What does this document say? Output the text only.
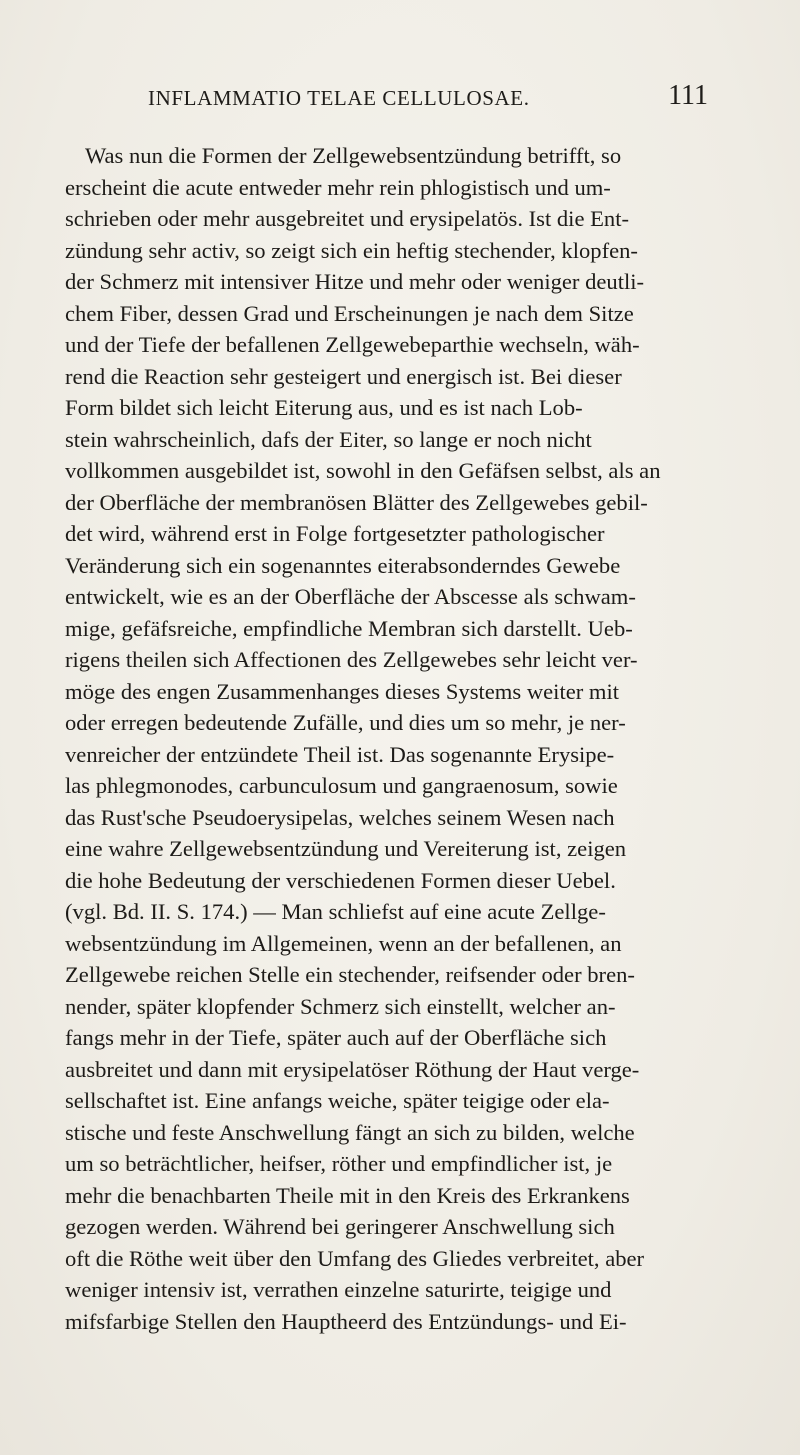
INFLAMMATIO TELAE CELLULOSAE.	111
Was nun die Formen der Zellgewebsentzündung betrifft, so
erscheint die acute entweder mehr rein phlogistisch und um-
schrieben oder mehr ausgebreitet und erysipelatös. Ist die Ent-
zündung sehr activ, so zeigt sich ein heftig stechender, klopfen-
der Schmerz mit intensiver Hitze und mehr oder weniger deutli-
chem Fiber, dessen Grad und Erscheinungen je nach dem Sitze
und der Tiefe der befallenen Zellgewebeparthie wechseln, wäh-
rend die Reaction sehr gesteigert und energisch ist. Bei dieser
Form bildet sich leicht Eiterung aus, und es ist nach Lob-
stein wahrscheinlich, dafs der Eiter, so lange er noch nicht
vollkommen ausgebildet ist, sowohl in den Gefäfsen selbst, als an
der Oberfläche der membranösen Blätter des Zellgewebes gebil-
det wird, während erst in Folge fortgesetzter pathologischer
Veränderung sich ein sogenanntes eiterabsonderndes Gewebe
entwickelt, wie es an der Oberfläche der Abscesse als schwam-
mige, gefäfsreiche, empfindliche Membran sich darstellt. Ueb-
rigens theilen sich Affectionen des Zellgewebes sehr leicht ver-
möge des engen Zusammenhanges dieses Systems weiter mit
oder erregen bedeutende Zufälle, und dies um so mehr, je ner-
venreicher der entzündete Theil ist. Das sogenannte Erysipe-
las phlegmonodes, carbunculosum und gangraenosum, sowie
das Rust'sche Pseudoerysipelas, welches seinem Wesen nach
eine wahre Zellgewebsentzündung und Vereiterung ist, zeigen
die hohe Bedeutung der verschiedenen Formen dieser Uebel.
(vgl. Bd. II. S. 174.) — Man schliefst auf eine acute Zellge-
websentzündung im Allgemeinen, wenn an der befallenen, an
Zellgewebe reichen Stelle ein stechender, reifsender oder bren-
nender, später klopfender Schmerz sich einstellt, welcher an-
fangs mehr in der Tiefe, später auch auf der Oberfläche sich
ausbreitet und dann mit erysipelatöser Röthung der Haut verge-
sellschaftet ist. Eine anfangs weiche, später teigige oder ela-
stische und feste Anschwellung fängt an sich zu bilden, welche
um so beträchtlicher, heifser, röther und empfindlicher ist, je
mehr die benachbarten Theile mit in den Kreis des Erkrankens
gezogen werden. Während bei geringerer Anschwellung sich
oft die Röthe weit über den Umfang des Gliedes verbreitet, aber
weniger intensiv ist, verrathen einzelne saturirte, teigige und
mifsfarbige Stellen den Hauptheerd des Entzündungs- und Ei-
